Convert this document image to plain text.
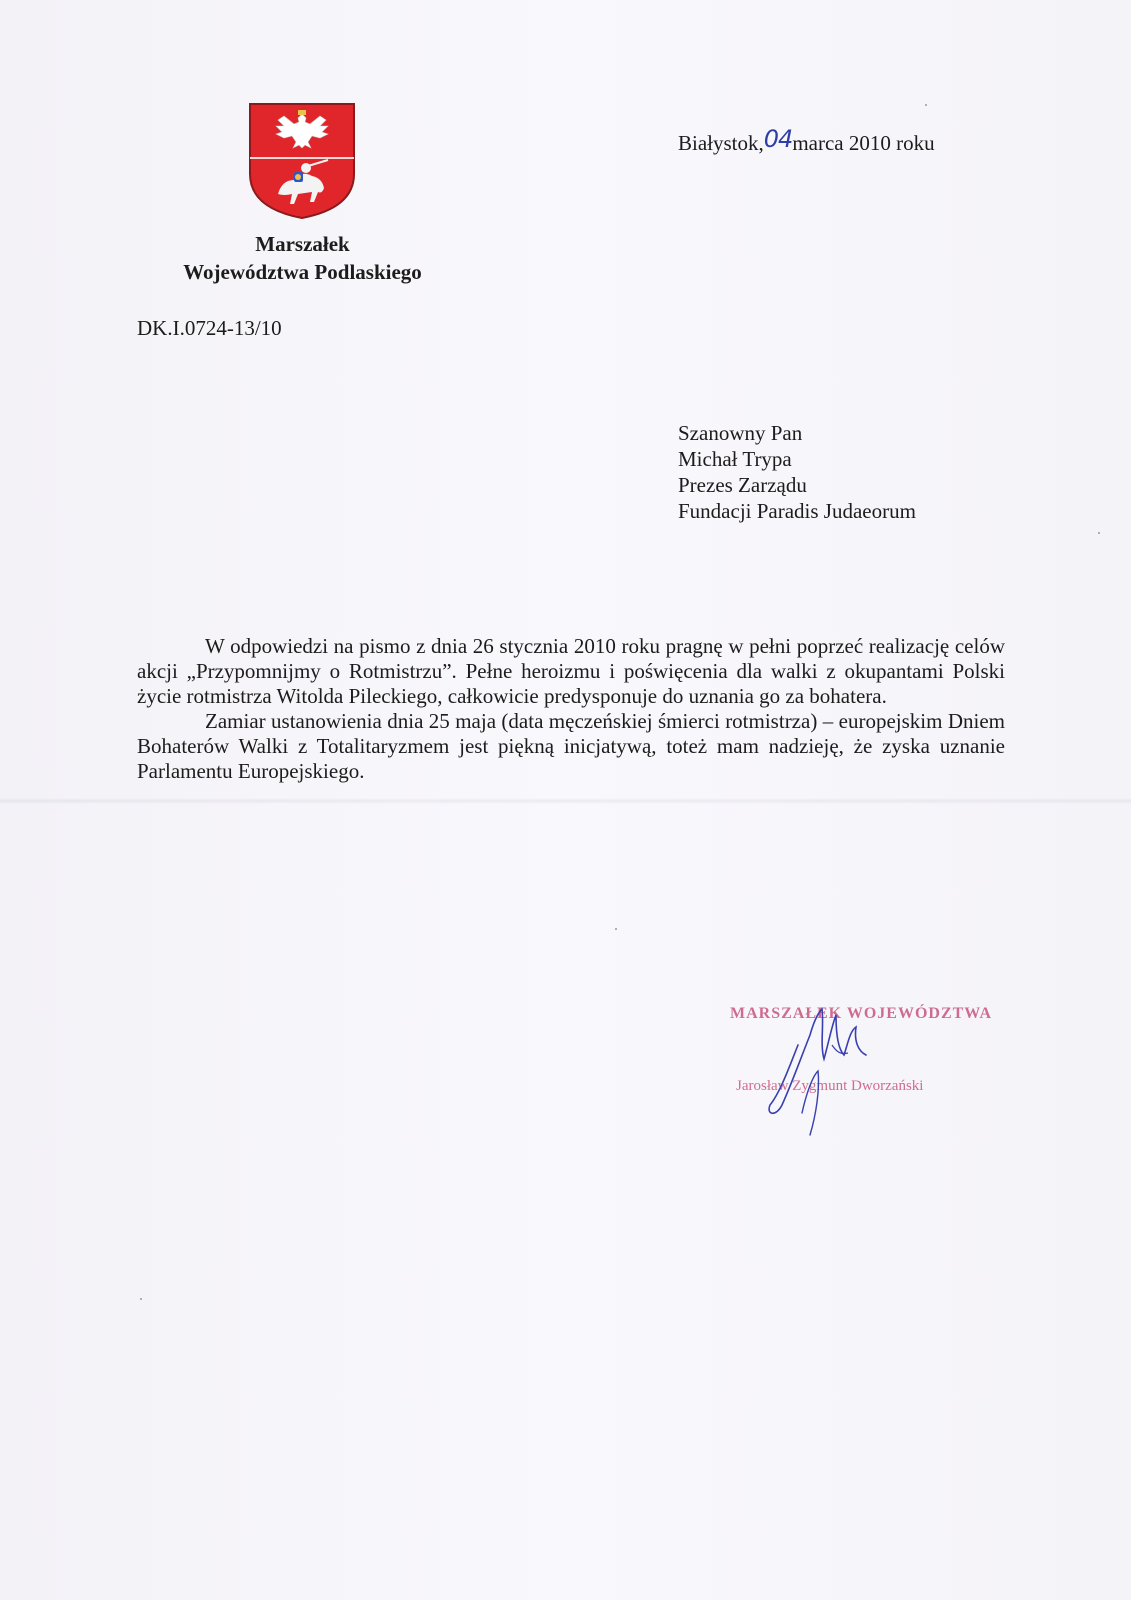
Marszałek
Województwa Podlaskiego
DK.I.0724-13/10
Białystok,04marca 2010 roku
Szanowny Pan
Michał Trypa
Prezes Zarządu
Fundacji Paradis Judaeorum

W odpowiedzi na pismo z dnia 26 stycznia 2010 roku pragnę w pełni poprzeć realizację celów akcji „Przypomnijmy o Rotmistrzu”. Pełne heroizmu i poświęcenia dla walki z okupantami Polski życie rotmistrza Witolda Pileckiego, całkowicie predysponuje do uznania go za bohatera.

Zamiar ustanowienia dnia 25 maja (data męczeńskiej śmierci rotmistrza) – europejskim Dniem Bohaterów Walki z Totalitaryzmem jest piękną inicjatywą, toteż mam nadzieję, że zyska uznanie Parlamentu Europejskiego.

MARSZAŁEK WOJEWÓDZTWA
Jarosław Zygmunt Dworzański
